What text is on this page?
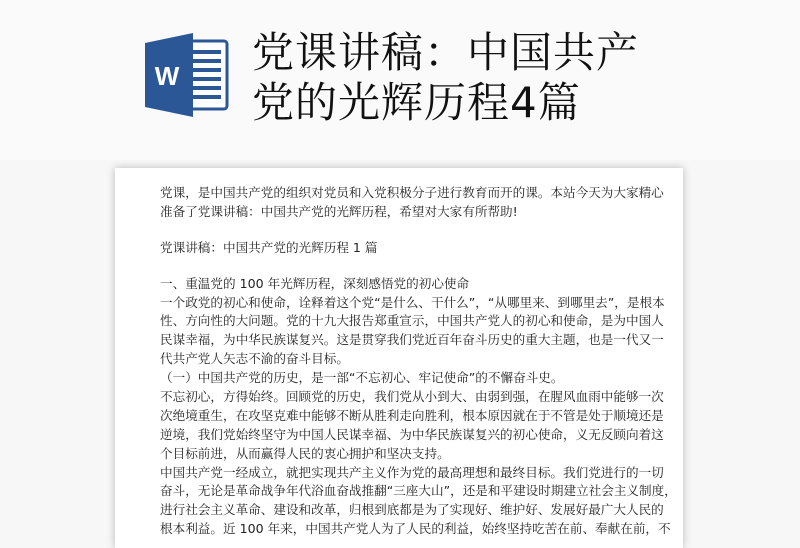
W 党课讲稿：中国共产
党的光辉历程4篇
党课，是中国共产党的组织对党员和入党积极分子进行教育而开的课。本站今天为大家精心
准备了党课讲稿：中国共产党的光辉历程，希望对大家有所帮助!
党课讲稿：中国共产党的光辉历程 1 篇
一、重温党的 100 年光辉历程，深刻感悟党的初心使命
一个政党的初心和使命，诠释着这个党“是什么、干什么”，“从哪里来、到哪里去”，是根本
性、方向性的大问题。党的十九大报告郑重宣示，中国共产党人的初心和使命，是为中国人
民谋幸福，为中华民族谋复兴。这是贯穿我们党近百年奋斗历史的重大主题，也是一代又一
代共产党人矢志不渝的奋斗目标。
（一）中国共产党的历史，是一部“不忘初心、牢记使命”的不懈奋斗史。
不忘初心，方得始终。回顾党的历史，我们党从小到大、由弱到强，在腥风血雨中能够一次
次绝境重生，在攻坚克难中能够不断从胜利走向胜利，根本原因就在于不管是处于顺境还是
逆境，我们党始终坚守为中国人民谋幸福、为中华民族谋复兴的初心使命，义无反顾向着这
个目标前进，从而赢得人民的衷心拥护和坚决支持。
中国共产党一经成立，就把实现共产主义作为党的最高理想和最终目标。我们党进行的一切
奋斗，无论是革命战争年代浴血奋战推翻“三座大山”，还是和平建设时期建立社会主义制度，
进行社会主义革命、建设和改革，归根到底都是为了实现好、维护好、发展好最广大人民的
根本利益。近 100 年来，中国共产党人为了人民的利益，始终坚持吃苦在前、奉献在前，不
